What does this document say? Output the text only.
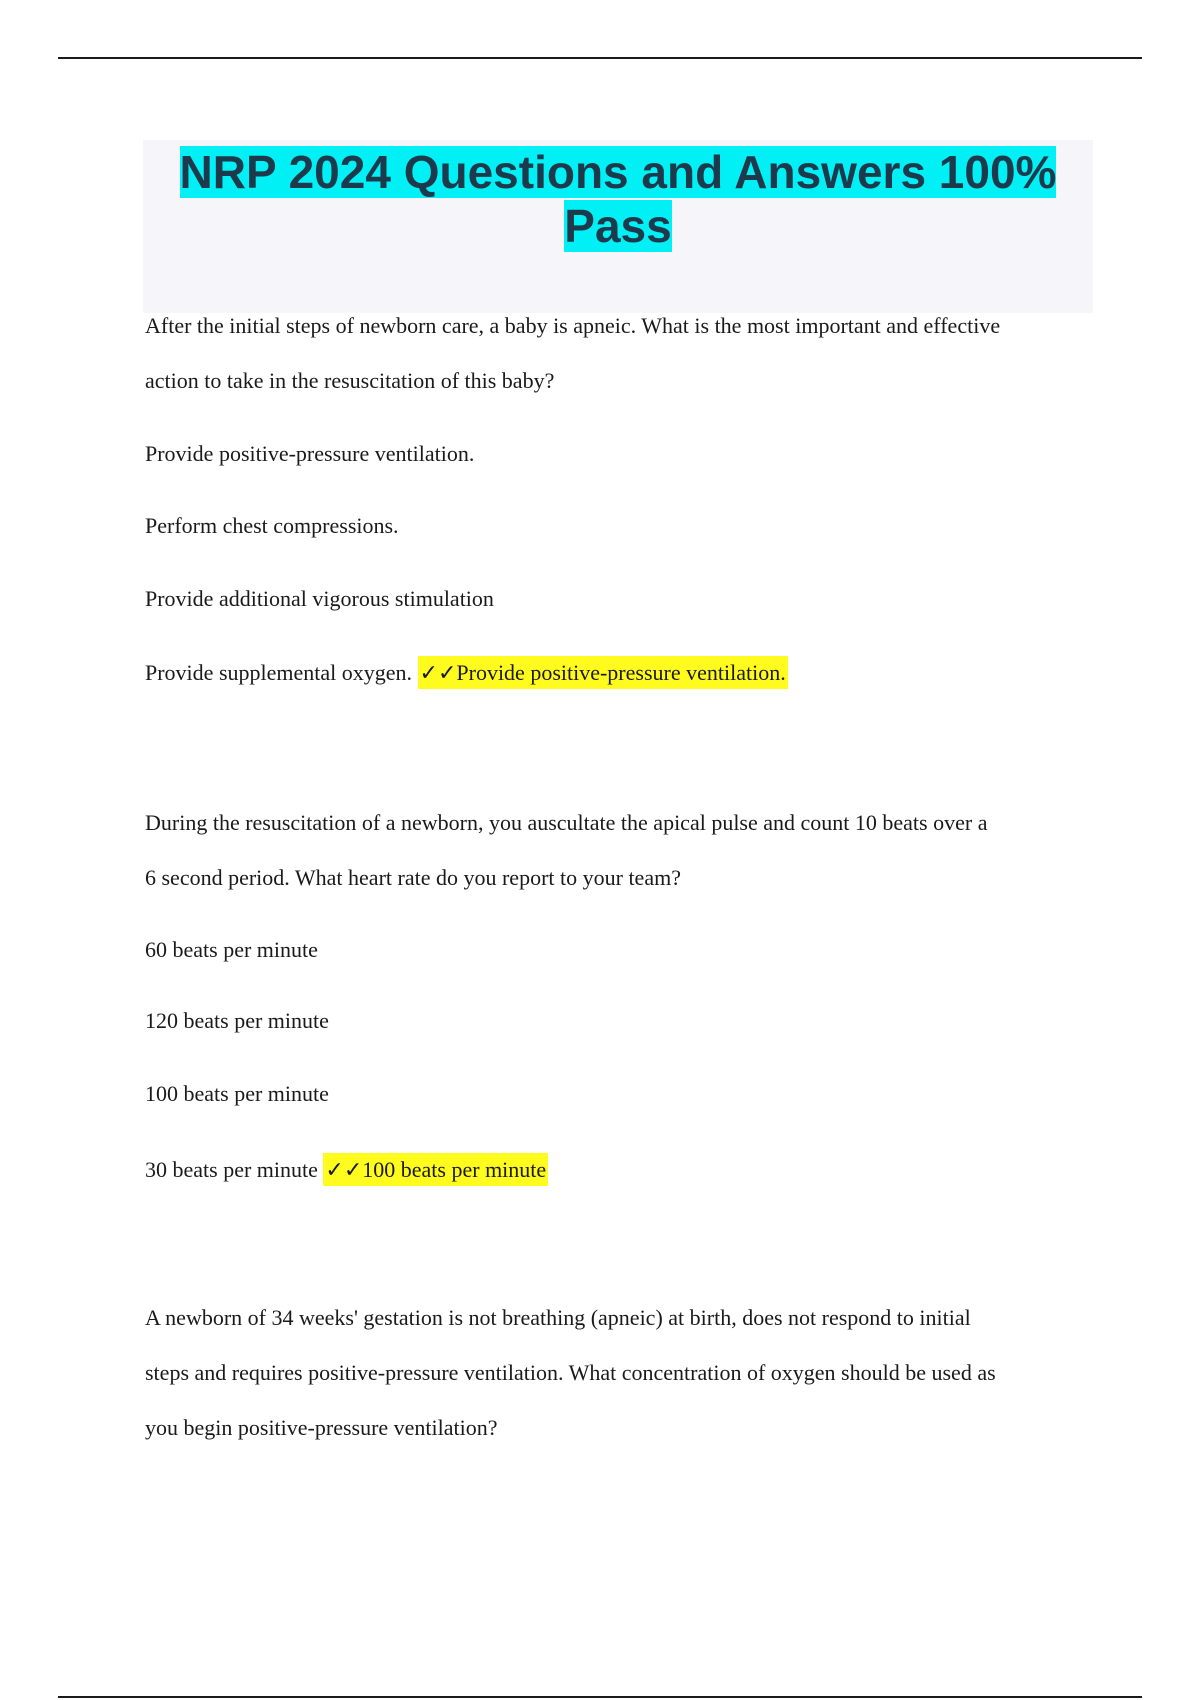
NRP 2024 Questions and Answers 100%
Pass

After the initial steps of newborn care, a baby is apneic. What is the most important and effective
action to take in the resuscitation of this baby?

Provide positive-pressure ventilation.

Perform chest compressions.

Provide additional vigorous stimulation

Provide supplemental oxygen. ✓✓Provide positive-pressure ventilation.

During the resuscitation of a newborn, you auscultate the apical pulse and count 10 beats over a
6 second period. What heart rate do you report to your team?

60 beats per minute

120 beats per minute

100 beats per minute

30 beats per minute ✓✓100 beats per minute

A newborn of 34 weeks' gestation is not breathing (apneic) at birth, does not respond to initial
steps and requires positive-pressure ventilation. What concentration of oxygen should be used as
you begin positive-pressure ventilation?
